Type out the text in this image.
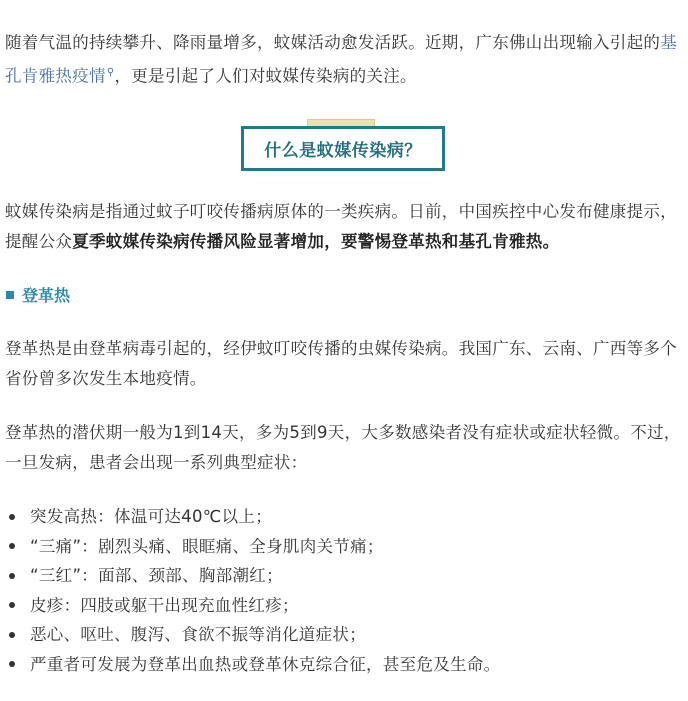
随着气温的持续攀升、降雨量增多，蚊媒活动愈发活跃。近期，广东佛山出现输入引起的基孔肯雅热疫情⚲，更是引起了人们对蚊媒传染病的关注。

什么是蚊媒传染病？

蚊媒传染病是指通过蚊子叮咬传播病原体的一类疾病。日前，中国疾控中心发布健康提示，提醒公众夏季蚊媒传染病传播风险显著增加，要警惕登革热和基孔肯雅热。

登革热

登革热是由登革病毒引起的，经伊蚊叮咬传播的虫媒传染病。我国广东、云南、广西等多个省份曾多次发生本地疫情。

登革热的潜伏期一般为1到14天，多为5到9天，大多数感染者没有症状或症状轻微。不过，一旦发病，患者会出现一系列典型症状：

突发高热：体温可达40℃以上；
“三痛”：剧烈头痛、眼眶痛、全身肌肉关节痛；
“三红”：面部、颈部、胸部潮红；
皮疹：四肢或躯干出现充血性红疹；
恶心、呕吐、腹泻、食欲不振等消化道症状；
严重者可发展为登革出血热或登革休克综合征，甚至危及生命。
